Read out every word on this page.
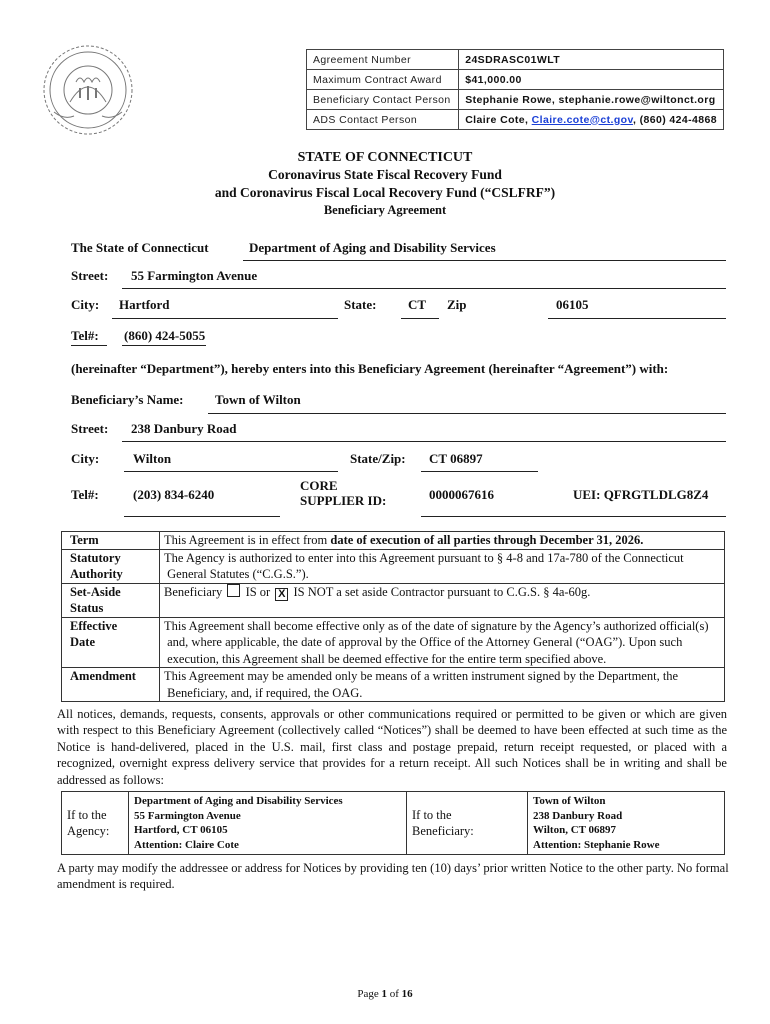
Agreement Number	24SDRASC01WLT
Maximum Contract Award	$41,000.00
Beneficiary Contact Person	Stephanie Rowe, stephanie.rowe@wiltonct.org
ADS Contact Person	Claire Cote, Claire.cote@ct.gov, (860) 424-4868
STATE OF CONNECTICUT
Coronavirus State Fiscal Recovery Fund
and Coronavirus Fiscal Local Recovery Fund (“CSLFRF”)
Beneficiary Agreement
The State of Connecticut	Department of Aging and Disability Services
Street: 55 Farmington Avenue
City: Hartford	State: CT Zip	06105
Tel#: (860) 424-5055
(hereinafter “Department”), hereby enters into this Beneficiary Agreement (hereinafter “Agreement”) with:
Beneficiary’s Name: Town of Wilton
Street: 238 Danbury Road
City:	Wilton	State/Zip: CT 06897
Tel#:	(203) 834-6240
CORE
SUPPLIER ID:	0000067616	UEI: QFRGTLDLG8Z4
Term	This Agreement is in effect from date of execution of all parties through December 31, 2026.
Statutory
Authority	The Agency is authorized to enter into this Agreement pursuant to § 4-8 and 17a-780 of the Connecticut
General Statutes (“C.G.S.”).
Set-Aside
Status	Beneficiary IS or X IS NOT a set aside Contractor pursuant to C.G.S. § 4a-60g.
Effective
Date	This Agreement shall become effective only as of the date of signature by the Agency’s authorized official(s)
and, where applicable, the date of approval by the Office of the Attorney General (“OAG”). Upon such
execution, this Agreement shall be deemed effective for the entire term specified above.
Amendment	This Agreement may be amended only be means of a written instrument signed by the Department, the
Beneficiary, and, if required, the OAG.
All notices, demands, requests, consents, approvals or other communications required or permitted to be given or which are given with respect to this Beneficiary Agreement (collectively called “Notices”) shall be deemed to have been effected at such time as the Notice is hand-delivered, placed in the U.S. mail, first class and postage prepaid, return receipt requested, or placed with a recognized, overnight express delivery service that provides for a return receipt. All such Notices shall be in writing and shall be addressed as follows:
If to the
Agency:	Department of Aging and Disability Services
55 Farmington Avenue
Hartford, CT 06105
Attention: Claire Cote	If to the
Beneficiary:	Town of Wilton
238 Danbury Road
Wilton, CT 06897
Attention: Stephanie Rowe
A party may modify the addressee or address for Notices by providing ten (10) days’ prior written Notice to the other party. No formal amendment is required.
Page 1 of 16
